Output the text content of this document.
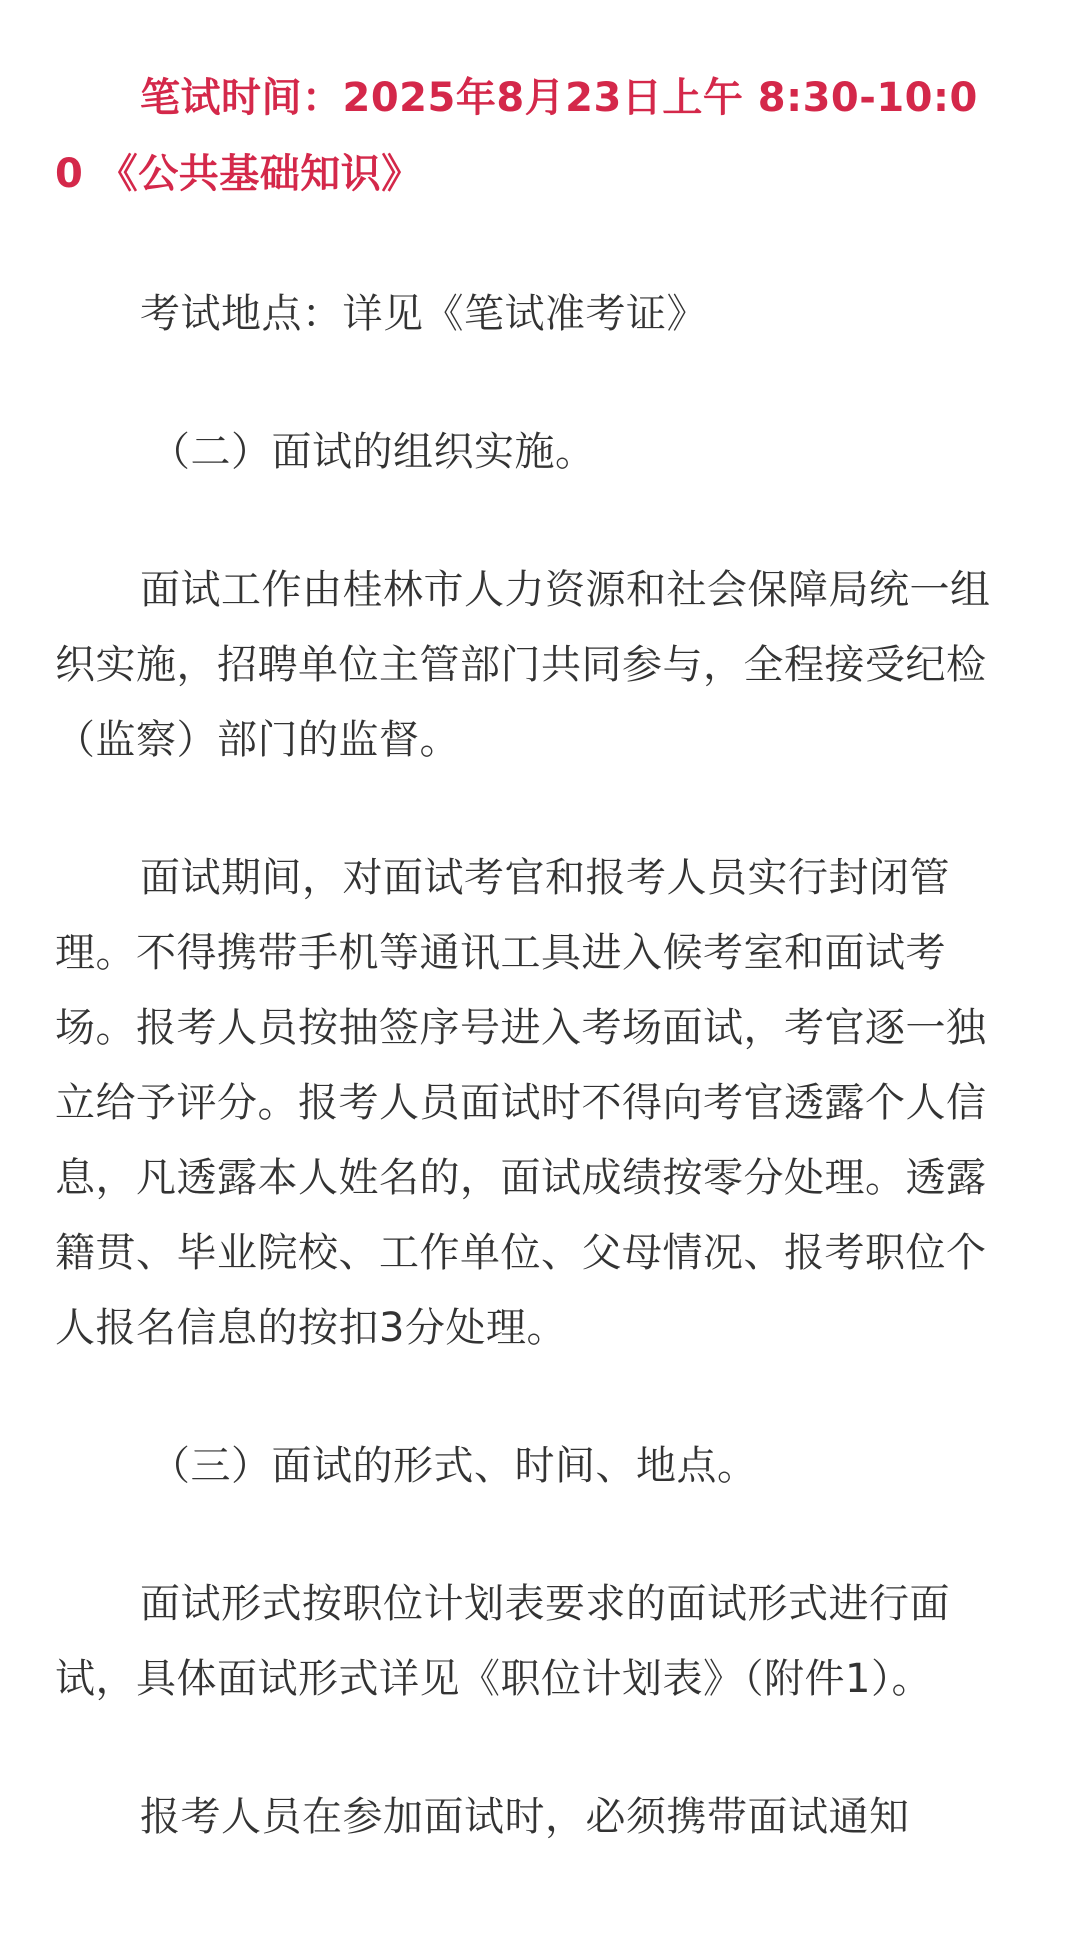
笔试时间：2025年8月23日上午 8:30-10:00 《公共基础知识》

考试地点：详见《笔试准考证》

（二）面试的组织实施。

面试工作由桂林市人力资源和社会保障局统一组织实施，招聘单位主管部门共同参与，全程接受纪检（监察）部门的监督。

面试期间，对面试考官和报考人员实行封闭管理。不得携带手机等通讯工具进入候考室和面试考场。报考人员按抽签序号进入考场面试，考官逐一独立给予评分。报考人员面试时不得向考官透露个人信息，凡透露本人姓名的，面试成绩按零分处理。透露籍贯、毕业院校、工作单位、父母情况、报考职位个人报名信息的按扣3分处理。

（三）面试的形式、时间、地点。

面试形式按职位计划表要求的面试形式进行面试，具体面试形式详见《职位计划表》（附件1）。

报考人员在参加面试时，必须携带面试通知
